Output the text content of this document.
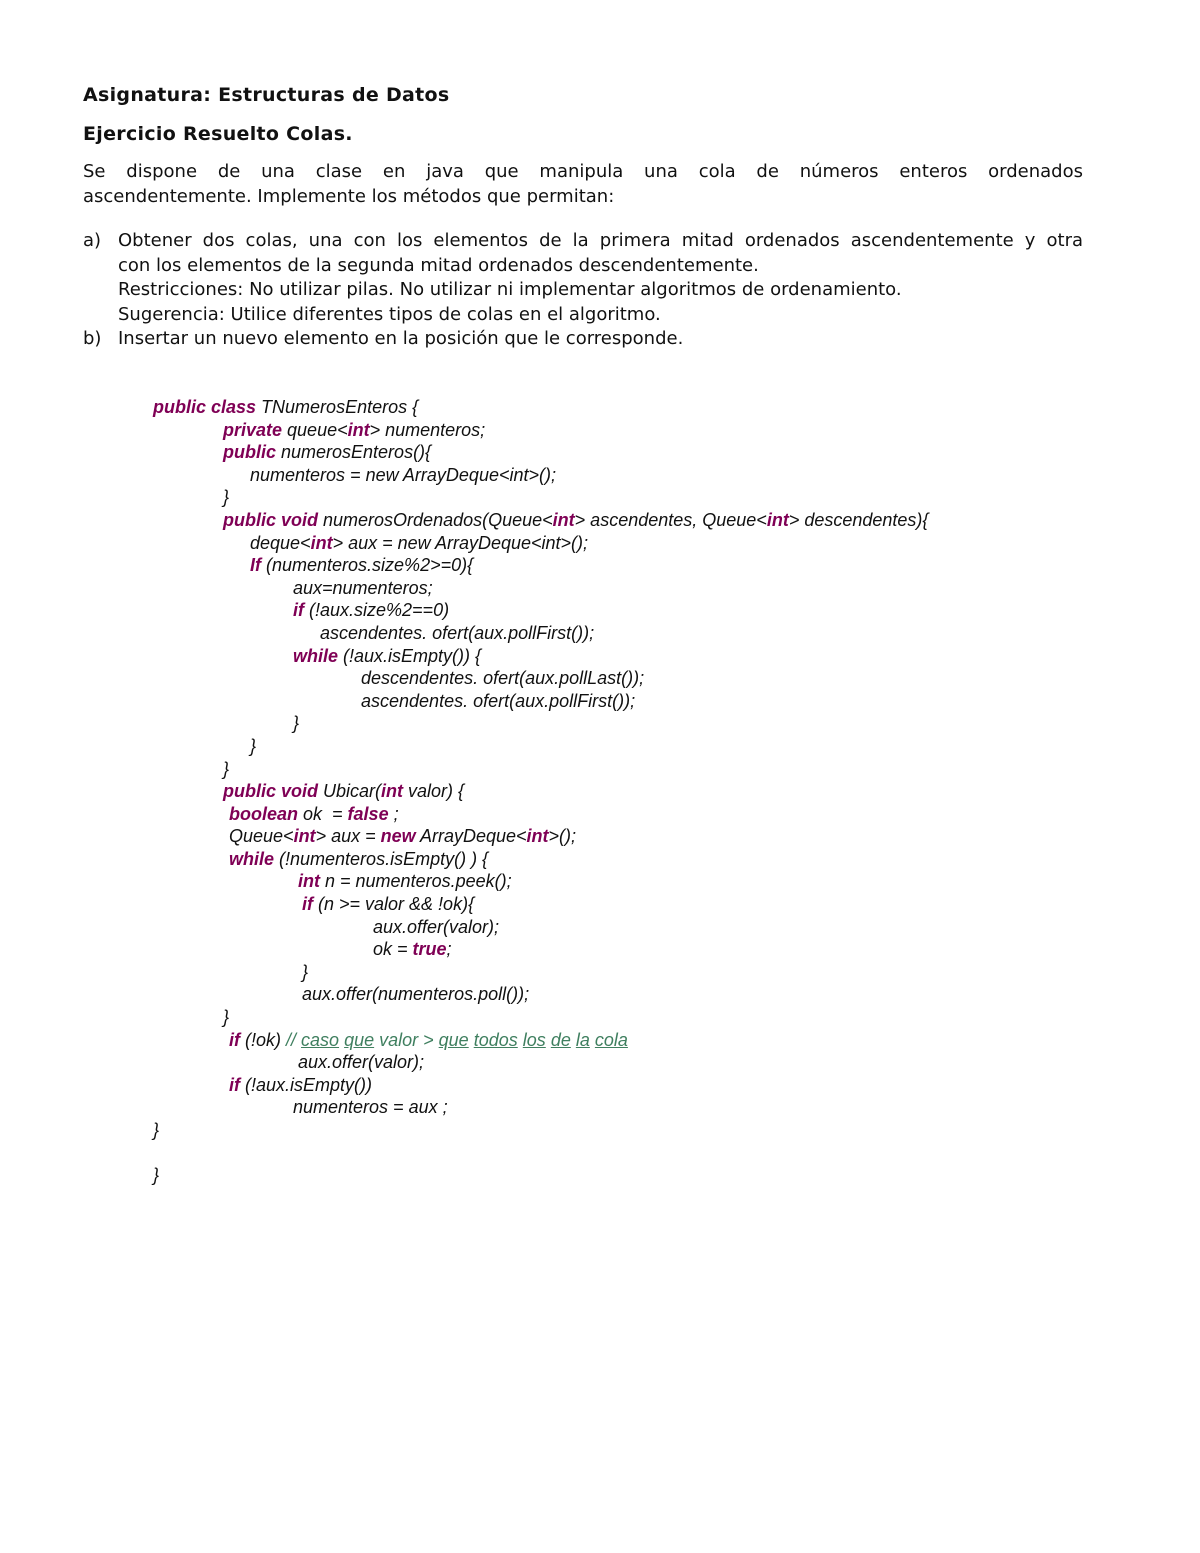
Asignatura: Estructuras de Datos
Ejercicio Resuelto Colas.
Se dispone de una clase en java que manipula una cola de números enteros ordenados
ascendentemente. Implemente los métodos que permitan:
a) Obtener dos colas, una con los elementos de la primera mitad ordenados ascendentemente y otra
con los elementos de la segunda mitad ordenados descendentemente.
Restricciones: No utilizar pilas. No utilizar ni implementar algoritmos de ordenamiento.
Sugerencia: Utilice diferentes tipos de colas en el algoritmo.
b) Insertar un nuevo elemento en la posición que le corresponde.
public class TNumerosEnteros {
private queue<int> numenteros;
public numerosEnteros(){
numenteros = new ArrayDeque<int>();
}
public void numerosOrdenados(Queue<int> ascendentes, Queue<int> descendentes){
deque<int> aux = new ArrayDeque<int>();
If (numenteros.size%2>=0){
aux=numenteros;
if (!aux.size%2==0)
ascendentes. ofert(aux.pollFirst());
while (!aux.isEmpty()) {
descendentes. ofert(aux.pollLast());
ascendentes. ofert(aux.pollFirst());
}
}
}
public void Ubicar(int valor) {
boolean ok  = false ;
Queue<int> aux = new ArrayDeque<int>();
while (!numenteros.isEmpty() ) {
int n = numenteros.peek();
if (n >= valor && !ok){
aux.offer(valor);
ok = true;
}
aux.offer(numenteros.poll());
}
if (!ok) // caso que valor > que todos los de la cola
aux.offer(valor);
if (!aux.isEmpty())
numenteros = aux ;
}
}
